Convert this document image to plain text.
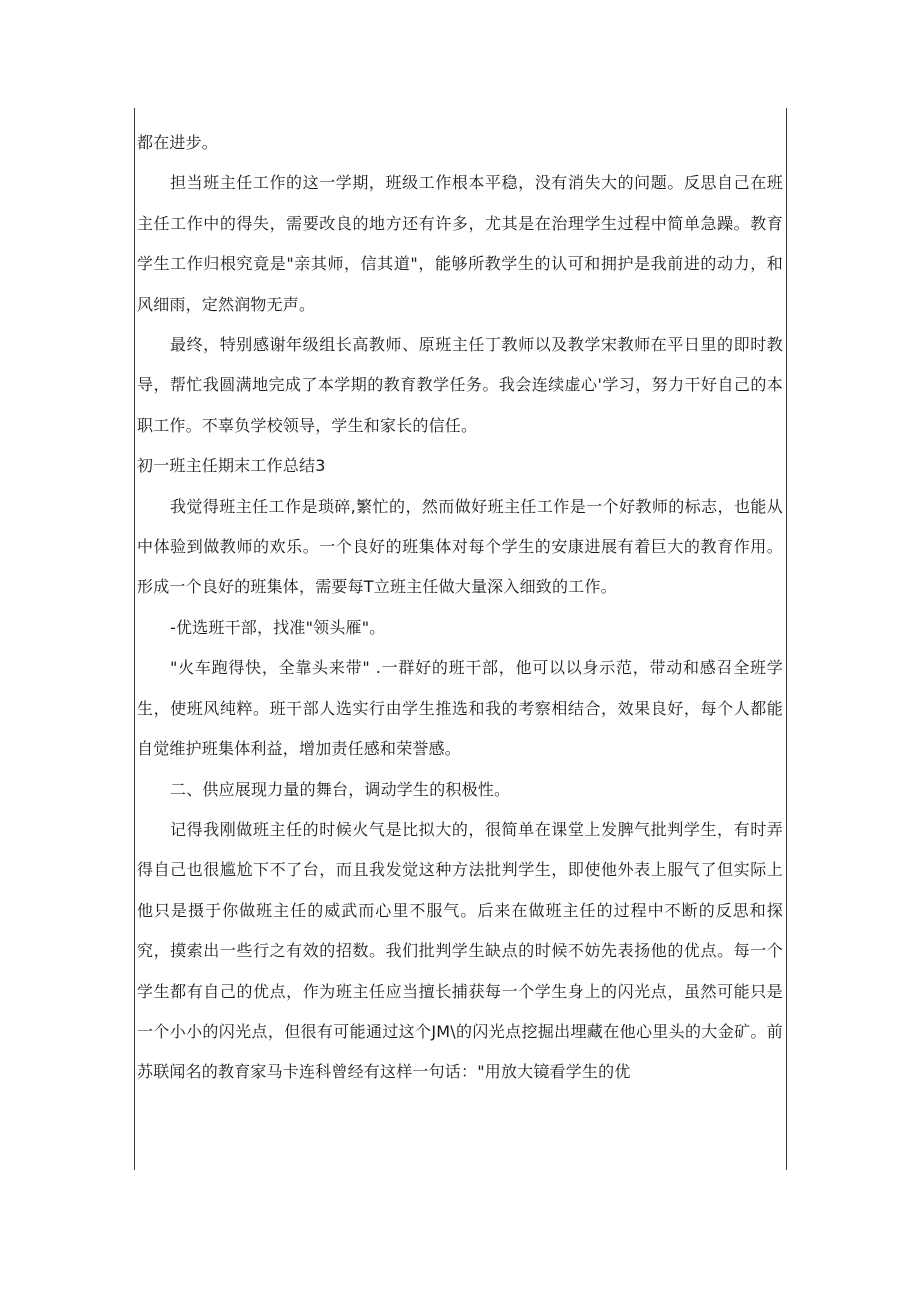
都在进步。

担当班主任工作的这一学期，班级工作根本平稳，没有消失大的问题。反思自己在班主任工作中的得失，需要改良的地方还有许多，尤其是在治理学生过程中简单急躁。教育学生工作归根究竟是"亲其师，信其道"，能够所教学生的认可和拥护是我前进的动力，和风细雨，定然润物无声。

最终，特别感谢年级组长高教师、原班主任丁教师以及教学宋教师在平日里的即时教导，帮忙我圆满地完成了本学期的教育教学任务。我会连续虚心'学习，努力干好自己的本职工作。不辜负学校领导，学生和家长的信任。

初一班主任期末工作总结3

我觉得班主任工作是琐碎,繁忙的，然而做好班主任工作是一个好教师的标志，也能从中体验到做教师的欢乐。一个良好的班集体对每个学生的安康进展有着巨大的教育作用。形成一个良好的班集体，需要每T立班主任做大量深入细致的工作。

-优选班干部，找准"领头雁"。

"火车跑得快，全靠头来带" .一群好的班干部，他可以以身示范，带动和感召全班学生，使班风纯粹。班干部人选实行由学生推选和我的考察相结合，效果良好，每个人都能自觉维护班集体利益，增加责任感和荣誉感。

二、供应展现力量的舞台，调动学生的积极性。

记得我刚做班主任的时候火气是比拟大的，很简单在课堂上发脾气批判学生，有时弄得自己也很尴尬下不了台，而且我发觉这种方法批判学生，即使他外表上服气了但实际上他只是摄于你做班主任的威武而心里不服气。后来在做班主任的过程中不断的反思和探究，摸索出一些行之有效的招数。我们批判学生缺点的时候不妨先表扬他的优点。每一个学生都有自己的优点，作为班主任应当擅长捕获每一个学生身上的闪光点，虽然可能只是一个小小的闪光点，但很有可能通过这个JM\的闪光点挖掘出埋藏在他心里头的大金矿。前苏联闻名的教育家马卡连科曾经有这样一句话："用放大镜看学生的优
